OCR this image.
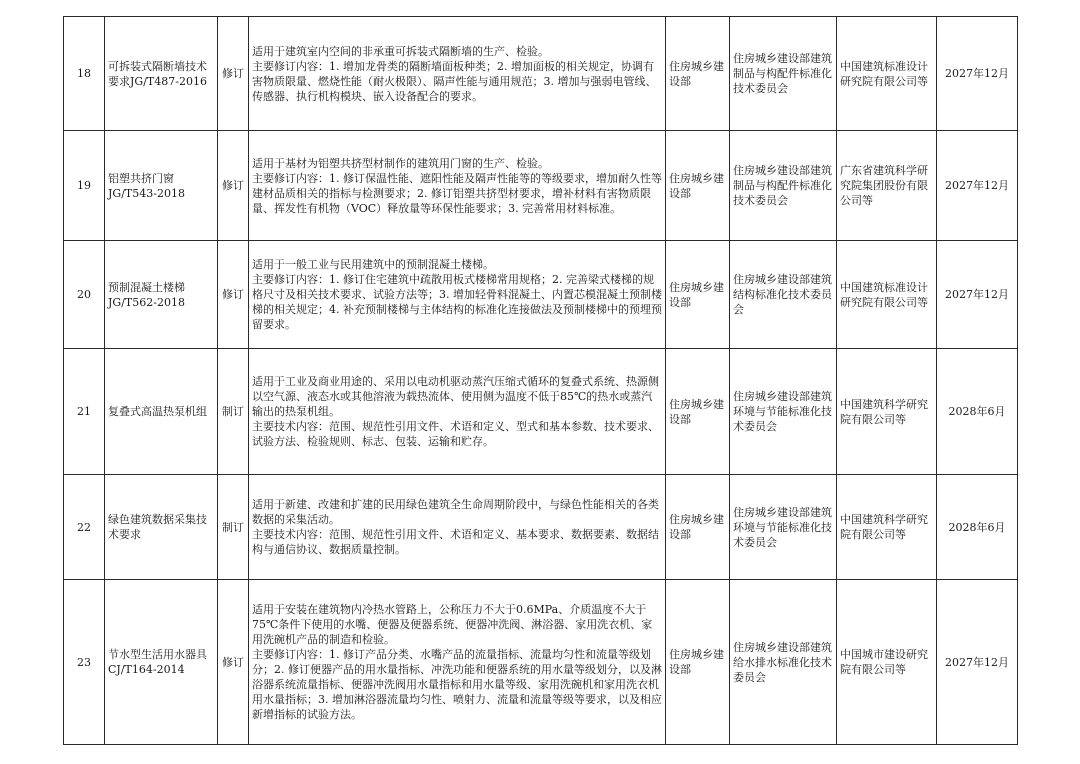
18	可拆装式隔断墙技术要求JG/T487-2016	修订	适用于建筑室内空间的非承重可拆装式隔断墙的生产、检验。

主要修订内容：1. 增加龙骨类的隔断墙面板种类；2. 增加面板的相关规定，协调有害物质限量、燃烧性能（耐火极限）、隔声性能与通用规范；3. 增加与强弱电管线、传感器、执行机构模块、嵌入设备配合的要求。	住房城乡建设部	住房城乡建设部建筑制品与构配件标准化技术委员会	中国建筑标准设计研究院有限公司等	2027年12月
19	铝塑共挤门窗JG/T543-2018	修订	适用于基材为铝塑共挤型材制作的建筑用门窗的生产、检验。

主要修订内容：1. 修订保温性能、遮阳性能及隔声性能等的等级要求，增加耐久性等建材品质相关的指标与检测要求；2. 修订铝塑共挤型材要求，增补材料有害物质限量、挥发性有机物（VOC）释放量等环保性能要求；3. 完善常用材料标准。	住房城乡建设部	住房城乡建设部建筑制品与构配件标准化技术委员会	广东省建筑科学研究院集团股份有限公司等	2027年12月
20	预制混凝土楼梯JG/T562-2018	修订	适用于一般工业与民用建筑中的预制混凝土楼梯。

主要修订内容：1. 修订住宅建筑中疏散用板式楼梯常用规格；2. 完善梁式楼梯的规格尺寸及相关技术要求、试验方法等；3. 增加轻骨料混凝土、内置芯模混凝土预制楼梯的相关规定；4. 补充预制楼梯与主体结构的标准化连接做法及预制楼梯中的预埋预留要求。	住房城乡建设部	住房城乡建设部建筑结构标准化技术委员会	中国建筑标准设计研究院有限公司等	2027年12月
21	复叠式高温热泵机组	制订	适用于工业及商业用途的、采用以电动机驱动蒸汽压缩式循环的复叠式系统、热源侧以空气源、液态水或其他溶液为载热流体、使用侧为温度不低于85℃的热水或蒸汽输出的热泵机组。

主要技术内容：范围、规范性引用文件、术语和定义、型式和基本参数、技术要求、试验方法、检验规则、标志、包装、运输和贮存。	住房城乡建设部	住房城乡建设部建筑环境与节能标准化技术委员会	中国建筑科学研究院有限公司等	2028年6月
22	绿色建筑数据采集技术要求	制订	适用于新建、改建和扩建的民用绿色建筑全生命周期阶段中，与绿色性能相关的各类数据的采集活动。

主要技术内容：范围、规范性引用文件、术语和定义、基本要求、数据要素、数据结构与通信协议、数据质量控制。	住房城乡建设部	住房城乡建设部建筑环境与节能标准化技术委员会	中国建筑科学研究院有限公司等	2028年6月
23	节水型生活用水器具CJ/T164-2014	修订	适用于安装在建筑物内冷热水管路上，公称压力不大于0.6MPa、介质温度不大于75℃条件下使用的水嘴、便器及便器系统、便器冲洗阀、淋浴器、家用洗衣机、家用洗碗机产品的制造和检验。

主要修订内容：1. 修订产品分类、水嘴产品的流量指标、流量均匀性和流量等级划分；2. 修订便器产品的用水量指标、冲洗功能和便器系统的用水量等级划分，以及淋浴器系统流量指标、便器冲洗阀用水量指标和用水量等级、家用洗碗机和家用洗衣机用水量指标；3. 增加淋浴器流量均匀性、喷射力、流量和流量等级等要求，以及相应新增指标的试验方法。	住房城乡建设部	住房城乡建设部建筑给水排水标准化技术委员会	中国城市建设研究院有限公司等	2027年12月
